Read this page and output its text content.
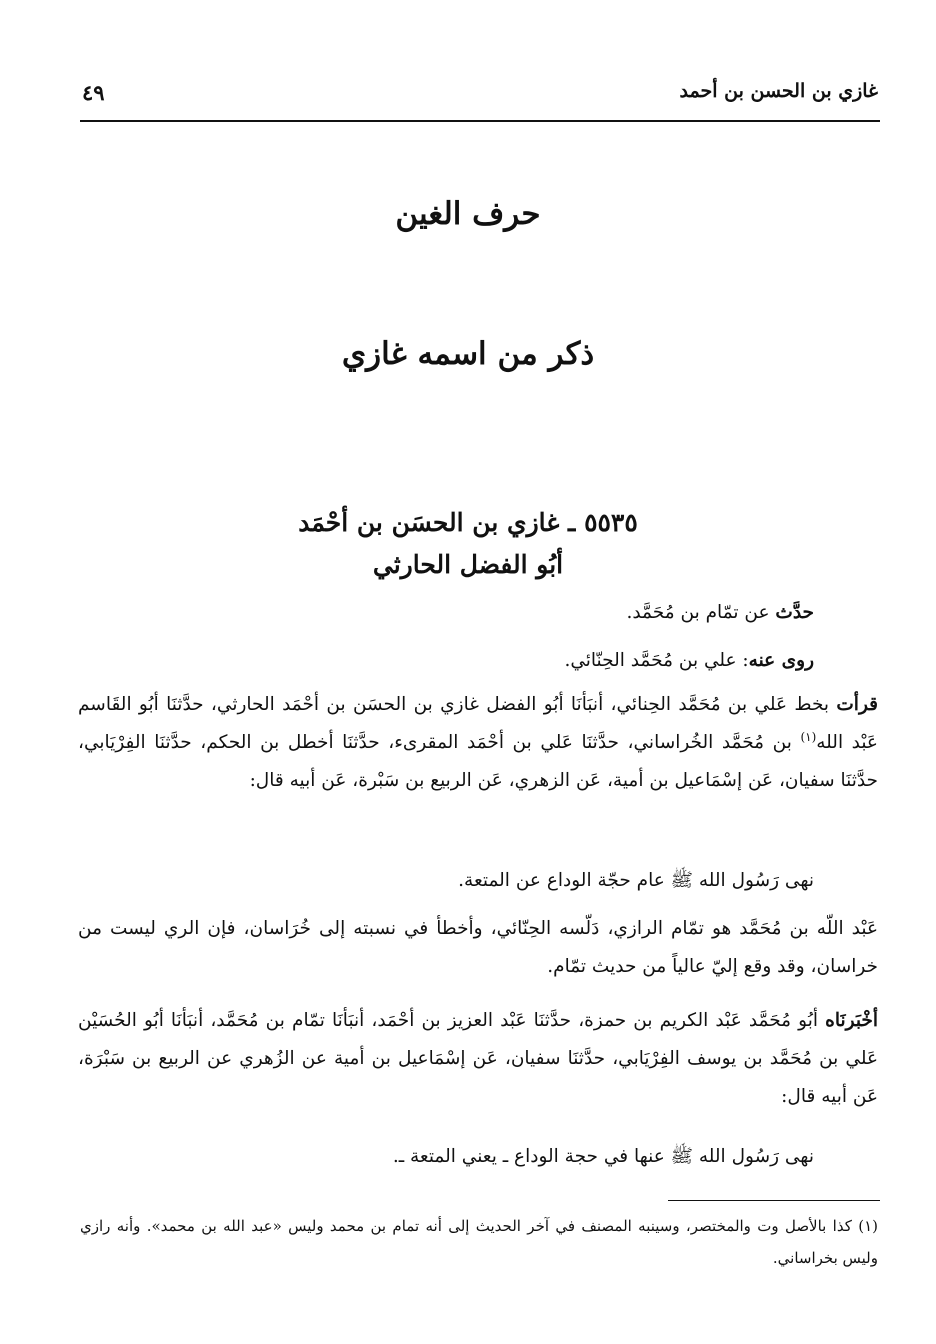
غازي بن الحسن بن أحمد
٤٩
حرف الغين
ذكر من اسمه غازي
٥٥٣٥ ـ غازي بن الحسَن بن أحْمَد
أبُو الفضل الحارثي
حدَّث عن تمّام بن مُحَمَّد.
روى عنه: علي بن مُحَمَّد الحِنّائي.
قرأت بخط عَلي بن مُحَمَّد الحِنائي، أنبَأنَا أبُو الفضل غازي بن الحسَن بن أحْمَد الحارثي، حدَّثنَا أبُو القَاسم عَبْد الله$^{(١)}$ بن مُحَمَّد الخُراساني، حدَّثنَا عَلي بن أحْمَد المقرىء، حدَّثنَا أخطل بن الحكم، حدَّثنَا الفِرْيَابي، حدَّثنَا سفيان، عَن إسْمَاعيل بن أمية، عَن الزهري، عَن الربيع بن سَبْرة، عَن أبيه قال:
نهى رَسُول الله ﷺ عام حجّة الوداع عن المتعة.
عَبْد اللّه بن مُحَمَّد هو تمّام الرازي، دَلّسه الحِنّائي، وأخطأ في نسبته إلى خُرَاسان، فإن الري ليست من خراسان، وقد وقع إليّ عالياً من حديث تمّام.
أخْبَرنَاه أبُو مُحَمَّد عَبْد الكريم بن حمزة، حدَّثنَا عَبْد العزيز بن أحْمَد، أنبَأنَا تمّام بن مُحَمَّد، أنبَأنَا أبُو الحُسَيْن عَلي بن مُحَمَّد بن يوسف الفِرْيَابي، حدَّثنَا سفيان، عَن إسْمَاعيل بن أمية عن الزُهري عن الربيع بن سَبْرَة، عَن أبيه قال:
نهى رَسُول الله ﷺ عنها في حجة الوداع ـ يعني المتعة ـ.
(١) كذا بالأصل وت والمختصر، وسينبه المصنف في آخر الحديث إلى أنه تمام بن محمد وليس «عبد الله بن محمد». وأنه رازي وليس بخراساني.
